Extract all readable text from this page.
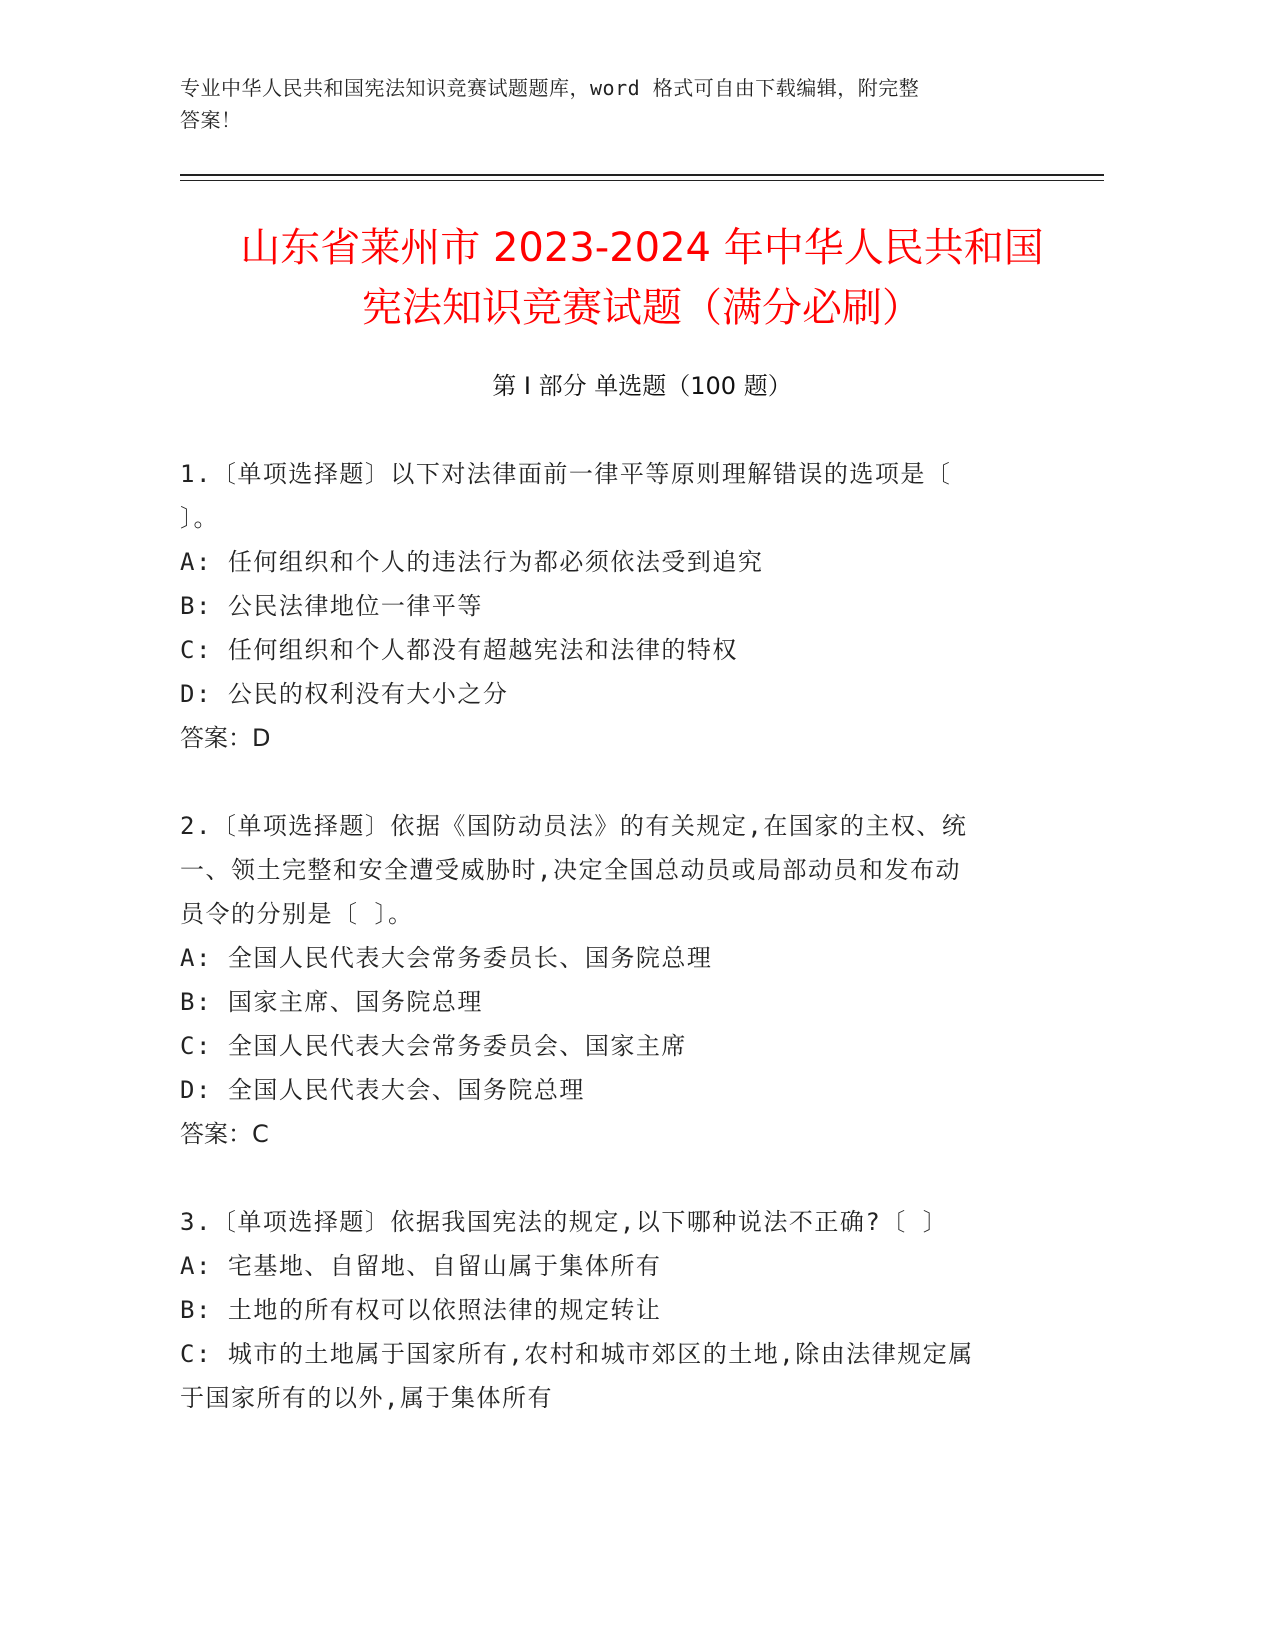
专业中华人民共和国宪法知识竞赛试题题库，word 格式可自由下载编辑，附完整
答案！
山东省莱州市 2023-2024 年中华人民共和国
宪法知识竞赛试题（满分必刷）
第 I 部分 单选题（100 题）
1.〔单项选择题〕以下对法律面前一律平等原则理解错误的选项是〔
〕。
A: 任何组织和个人的违法行为都必须依法受到追究
B: 公民法律地位一律平等
C: 任何组织和个人都没有超越宪法和法律的特权
D: 公民的权利没有大小之分
答案：D
2.〔单项选择题〕依据《国防动员法》的有关规定,在国家的主权、统
一、领土完整和安全遭受威胁时,决定全国总动员或局部动员和发布动
员令的分别是〔 〕。
A: 全国人民代表大会常务委员长、国务院总理
B: 国家主席、国务院总理
C: 全国人民代表大会常务委员会、国家主席
D: 全国人民代表大会、国务院总理
答案：C
3.〔单项选择题〕依据我国宪法的规定,以下哪种说法不正确?〔 〕
A: 宅基地、自留地、自留山属于集体所有
B: 土地的所有权可以依照法律的规定转让
C: 城市的土地属于国家所有,农村和城市郊区的土地,除由法律规定属
于国家所有的以外,属于集体所有
